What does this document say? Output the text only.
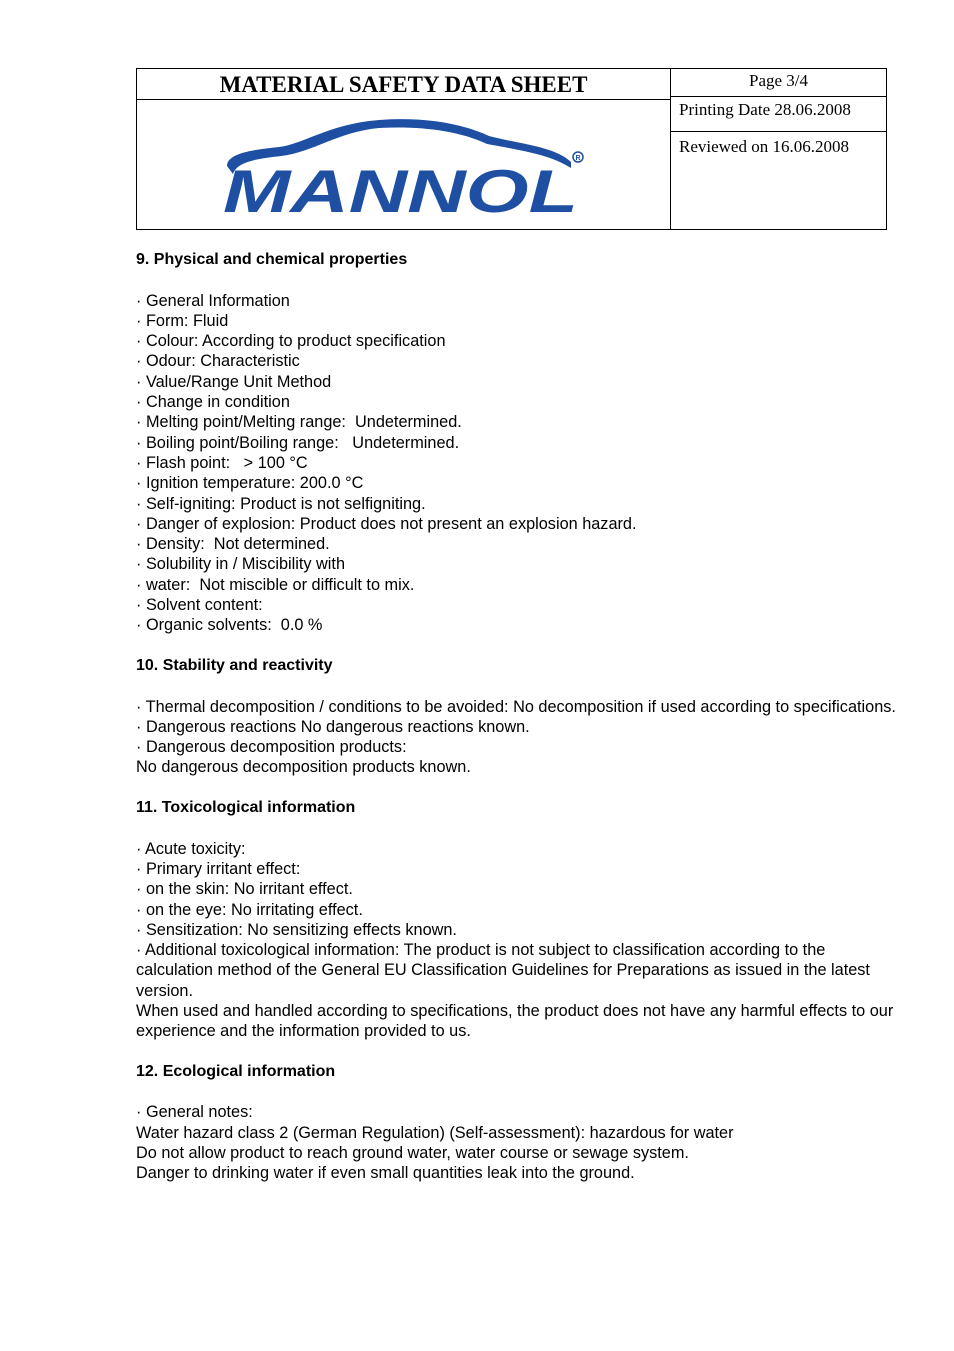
MATERIAL SAFETY DATA SHEET
MANNOL
R
Page 3/4
Printing Date 28.06.2008
Reviewed on 16.06.2008

9. Physical and chemical properties

· General Information

· Form: Fluid

· Colour: According to product specification

· Odour: Characteristic

· Value/Range Unit Method

· Change in condition

· Melting point/Melting range:  Undetermined.

· Boiling point/Boiling range:   Undetermined.

· Flash point:   > 100 °C

· Ignition temperature: 200.0 °C

· Self-igniting: Product is not selfigniting.

· Danger of explosion: Product does not present an explosion hazard.

· Density:  Not determined.

· Solubility in / Miscibility with

· water:  Not miscible or difficult to mix.

· Solvent content:

· Organic solvents:  0.0 %

10. Stability and reactivity

· Thermal decomposition / conditions to be avoided: No decomposition if used according to specifications.

· Dangerous reactions No dangerous reactions known.

· Dangerous decomposition products:

No dangerous decomposition products known.

11. Toxicological information

· Acute toxicity:

· Primary irritant effect:

· on the skin: No irritant effect.

· on the eye: No irritating effect.

· Sensitization: No sensitizing effects known.

· Additional toxicological information: The product is not subject to classification according to the calculation method of the General EU Classification Guidelines for Preparations as issued in the latest version.

When used and handled according to specifications, the product does not have any harmful effects to our experience and the information provided to us.

12. Ecological information

· General notes:

Water hazard class 2 (German Regulation) (Self-assessment): hazardous for water

Do not allow product to reach ground water, water course or sewage system.

Danger to drinking water if even small quantities leak into the ground.
